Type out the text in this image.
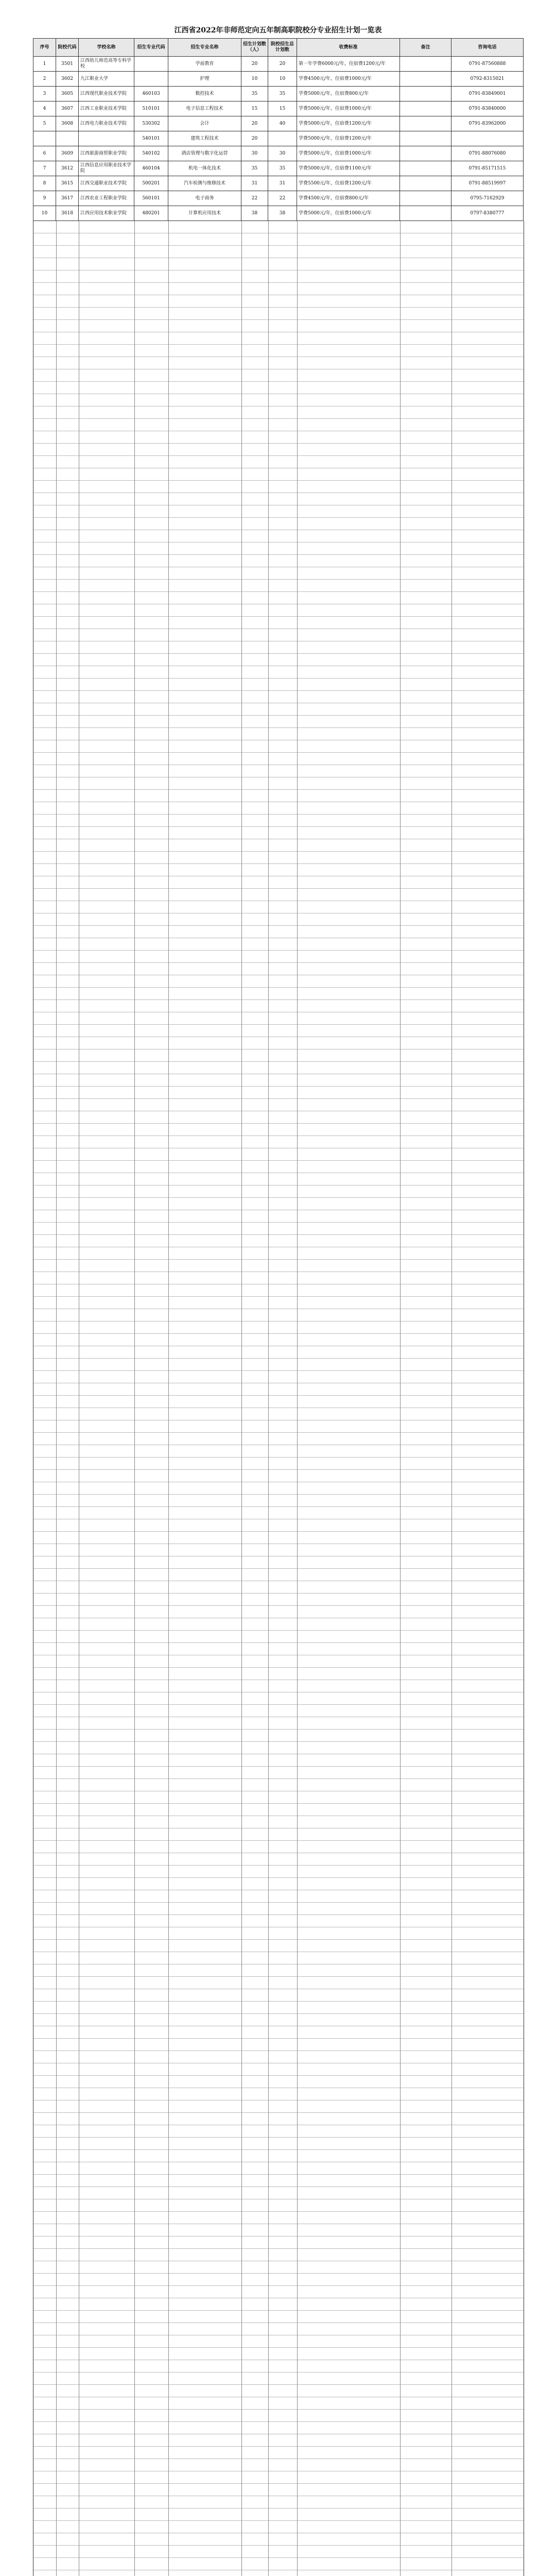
江西省2022年非师范定向五年制高职院校分专业招生计划一览表
序号	院校代码	学校名称	招生专业代码	招生专业名称	招生计划数（人）	院校招生总计划数	收费标准	备注	咨询电话
1	3501	江西幼儿师范高等专科学校		学前教育	20	20	第一年学费6000元/年，住宿费1200元/年		0791-87560888
2	3602	九江职业大学		护理	10	10	学费4500元/年，住宿费1000元/年		0792-8315021
3	3605	江西现代职业技术学院	460103	数控技术	35	35	学费5000元/年，住宿费800元/年		0791-83849001
4	3607	江西工业职业技术学院	510101	电子信息工程技术	15	15	学费5000元/年，住宿费1000元/年		0791-83840000
5	3608	江西电力职业技术学院	530302	会计	20	40	学费5000元/年，住宿费1200元/年		0791-83962000
			540101	建筑工程技术	20		学费5000元/年，住宿费1200元/年		
6	3609	江西旅游商贸职业学院	540102	酒店管理与数字化运营	30	30	学费5000元/年，住宿费1000元/年		0791-88076080
7	3612	江西信息应用职业技术学院	460104	机电一体化技术	35	35	学费5000元/年，住宿费1100元/年		0791-85171515
8	3615	江西交通职业技术学院	500201	汽车检测与维修技术	31	31	学费5500元/年，住宿费1200元/年		0791-88519997
9	3617	江西农业工程职业学院	560101	电子商务	22	22	学费4500元/年，住宿费800元/年		0795-7162929
10	3618	江西应用技术职业学院	480201	计算机应用技术	38	38	学费5000元/年，住宿费1000元/年		0797-8380777
